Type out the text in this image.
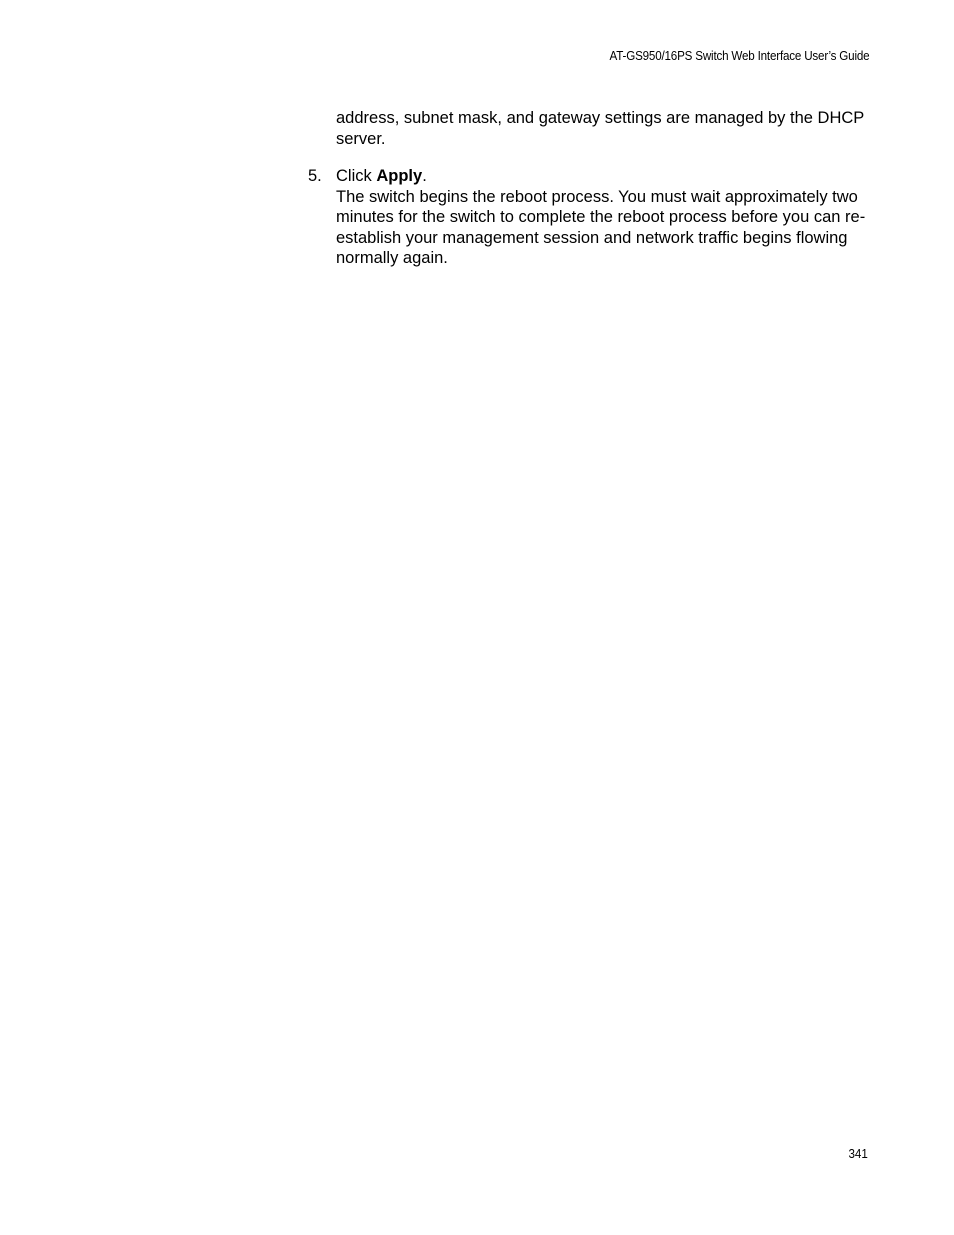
AT-GS950/16PS Switch Web Interface User’s Guide
address, subnet mask, and gateway settings are managed by the DHCP server.
5. Click Apply.

The switch begins the reboot process. You must wait approximately two minutes for the switch to complete the reboot process before you can re-establish your management session and network traffic begins flowing normally again.

341
